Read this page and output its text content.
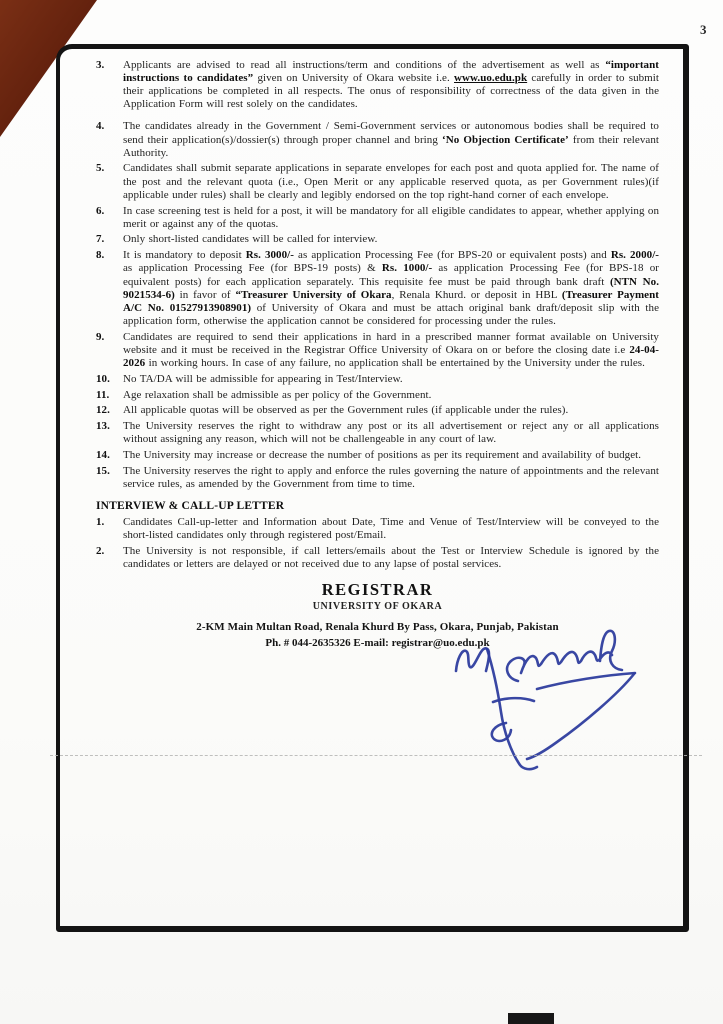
3
3. Applicants are advised to read all instructions/term and conditions of the advertisement as well as “important instructions to candidates” given on University of Okara website i.e. www.uo.edu.pk carefully in order to submit their applications be completed in all respects. The onus of responsibility of correctness of the data given in the Application Form will rest solely on the candidates.
4. The candidates already in the Government / Semi-Government services or autonomous bodies shall be required to send their application(s)/dossier(s) through proper channel and bring ‘No Objection Certificate’ from their relevant Authority.
5. Candidates shall submit separate applications in separate envelopes for each post and quota applied for. The name of the post and the relevant quota (i.e., Open Merit or any applicable reserved quota, as per Government rules)(if applicable under rules) shall be clearly and legibly endorsed on the top right-hand corner of each envelope.
6. In case screening test is held for a post, it will be mandatory for all eligible candidates to appear, whether applying on merit or against any of the quotas.
7. Only short-listed candidates will be called for interview.
8. It is mandatory to deposit Rs. 3000/- as application Processing Fee (for BPS-20 or equivalent posts) and Rs. 2000/- as application Processing Fee (for BPS-19 posts) & Rs. 1000/- as application Processing Fee (for BPS-18 or equivalent posts) for each application separately. This requisite fee must be paid through bank draft (NTN No. 9021534-6) in favor of “Treasurer University of Okara, Renala Khurd. or deposit in HBL (Treasurer Payment A/C No. 01527913908901) of University of Okara and must be attach original bank draft/deposit slip with the application form, otherwise the application cannot be considered for processing under the rules.
9. Candidates are required to send their applications in hard in a prescribed manner format available on University website and it must be received in the Registrar Office University of Okara on or before the closing date i.e 24-04-2026 in working hours. In case of any failure, no application shall be entertained by the University under the rules.
10. No TA/DA will be admissible for appearing in Test/Interview.
11. Age relaxation shall be admissible as per policy of the Government.
12. All applicable quotas will be observed as per the Government rules (if applicable under the rules).
13. The University reserves the right to withdraw any post or its all advertisement or reject any or all applications without assigning any reason, which will not be challengeable in any court of law.
14. The University may increase or decrease the number of positions as per its requirement and availability of budget.
15. The University reserves the right to apply and enforce the rules governing the nature of appointments and the relevant service rules, as amended by the Government from time to time.
INTERVIEW & CALL-UP LETTER
1. Candidates Call-up-letter and Information about Date, Time and Venue of Test/Interview will be conveyed to the short-listed candidates only through registered post/Email.
2. The University is not responsible, if call letters/emails about the Test or Interview Schedule is ignored by the candidates or letters are delayed or not received due to any lapse of postal services.
REGISTRAR
UNIVERSITY OF OKARA
2-KM Main Multan Road, Renala Khurd By Pass, Okara, Punjab, Pakistan
Ph. # 044-2635326 E-mail: registrar@uo.edu.pk
